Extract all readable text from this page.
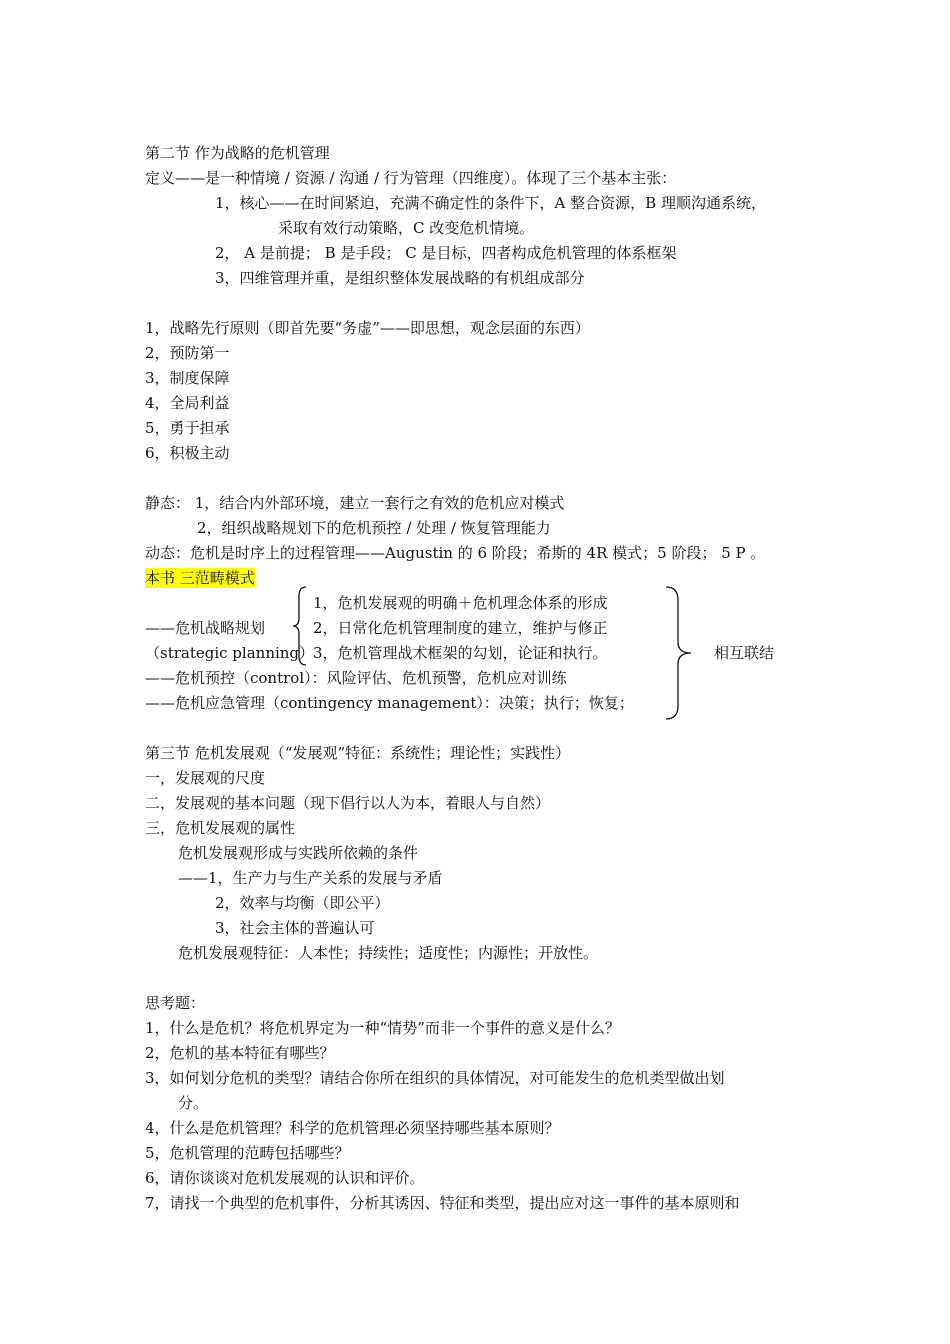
第二节 作为战略的危机管理
定义——是一种情境 / 资源 / 沟通 / 行为管理（四维度）。体现了三个基本主张：
1，核心——在时间紧迫，充满不确定性的条件下，A 整合资源，B 理顺沟通系统，
采取有效行动策略，C 改变危机情境。
2， A 是前提； B 是手段； C 是目标，四者构成危机管理的体系框架
3，四维管理并重，是组织整体发展战略的有机组成部分
1，战略先行原则（即首先要“务虚”——即思想，观念层面的东西）
2，预防第一
3，制度保障
4，全局利益
5，勇于担承
6，积极主动
静态： 1，结合内外部环境，建立一套行之有效的危机应对模式
2，组织战略规划下的危机预控 / 处理 / 恢复管理能力
动态：危机是时序上的过程管理——Augustin 的 6 阶段；希斯的 4R 模式；5 阶段； 5 P 。
本书 三范畴模式
——危机战略规划
（strategic planning）
1，危机发展观的明确＋危机理念体系的形成
2，日常化危机管理制度的建立，维护与修正
3，危机管理战术框架的勾划，论证和执行。
——危机预控（control）：风险评估、危机预警，危机应对训练
——危机应急管理（contingency management）：决策；执行；恢复；
相互联结
第三节 危机发展观（“发展观”特征：系统性；理论性；实践性）
一，发展观的尺度
二，发展观的基本问题（现下倡行以人为本，着眼人与自然）
三，危机发展观的属性
危机发展观形成与实践所依赖的条件
——1，生产力与生产关系的发展与矛盾
2，效率与均衡（即公平）
3，社会主体的普遍认可
危机发展观特征：人本性；持续性；适度性；内源性；开放性。
思考题：
1，什么是危机？将危机界定为一种“情势”而非一个事件的意义是什么？
2，危机的基本特征有哪些？
3，如何划分危机的类型？请结合你所在组织的具体情况，对可能发生的危机类型做出划
分。
4，什么是危机管理？科学的危机管理必须坚持哪些基本原则？
5，危机管理的范畴包括哪些？
6，请你谈谈对危机发展观的认识和评价。
7，请找一个典型的危机事件，分析其诱因、特征和类型，提出应对这一事件的基本原则和
